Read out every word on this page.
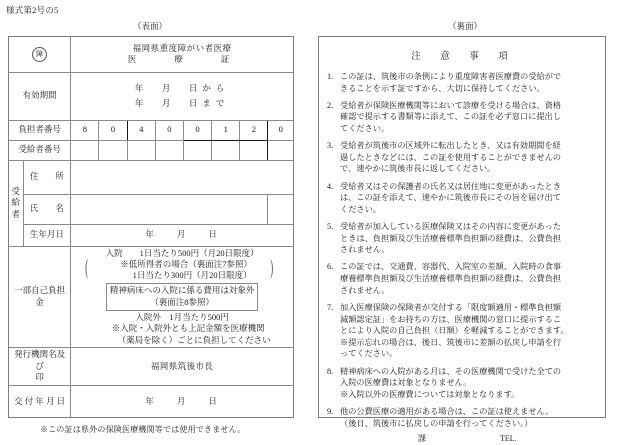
様式第2号の5
（表面）	（裏面）
障		福岡県重度障がい者医療
医　　療　　証							

有効期間		年　月　日から
年　月　日まで							

負担者番号		8	0	4	0	0	1	2	0
受給者番号									

受
給
者	住　　所								
	氏　　名								
	生年月日	年　　月　　日							
一部自己負担金	
入院　　1日当たり500円（月20日限度）
( ※低所得者の場合（裏面注7参照）
1日当たり300円（月20日限度）
)
精神病床への入院に係る費用は対象外
（裏面注8参照）
入院外　1月当たり500円
※入院・入院外とも上記金額を医療機関
（薬局を除く）ごとに負担してください

発行機関名及び
印		福岡県筑後市長							
交 付 年 月 日		年　　月　　日							
※この証は県外の保険医療機関等では使用できません。
注　意　事　項
1. この証は、筑後市の条例により重度障害者医療費の受給がで
きることを示す証ですから、大切に保持してください。
2. 受給者が保険医療機関等において診療を受ける場合は、資格
確認で提示する書類等に添えて、この証を必ず窓口に提出し
てください。
3. 受給者が筑後市の区域外に転出したとき、又は有効期間を経
過したときなどには、この証を使用することができませんの
で、速やかに筑後市長に返してください。
4. 受給者又はその保護者の氏名又は居住地に変更があったとき
は、この証を添えて、速やかに筑後市長にその旨を届け出て
ください。
5. 受給者が加入している医療保険又はその内容に変更があった
ときは、負担額及び生活療養標準負担額の経費は、公費負担
されません。
6. この証では、交通費、容器代、入院室の差額、入院時の食事
療養標準負担額及び生活療養標準負担額の経費は、公費負担
されません。
7. 加入医療保険の保険者が交付する「限度額適用・標準負担額
減額認定証」をお持ちの方は、医療機関の窓口に提示するこ
とにより入院の自己負担（日額）を軽減することができます。
※提示忘れの場合は、後日、筑後市に差額の払戻し申請を行
ってください。
8. 精神病床への入院がある月は、その医療機関で受けた全ての
入院の医療費は対象となりません。
※入院以外の医療費については対象となります。
9. 他の公費医療の適用がある場合は、この証は使えません。
（後日、筑後市に払戻しの申請を行ってください。）
課	TEL.
